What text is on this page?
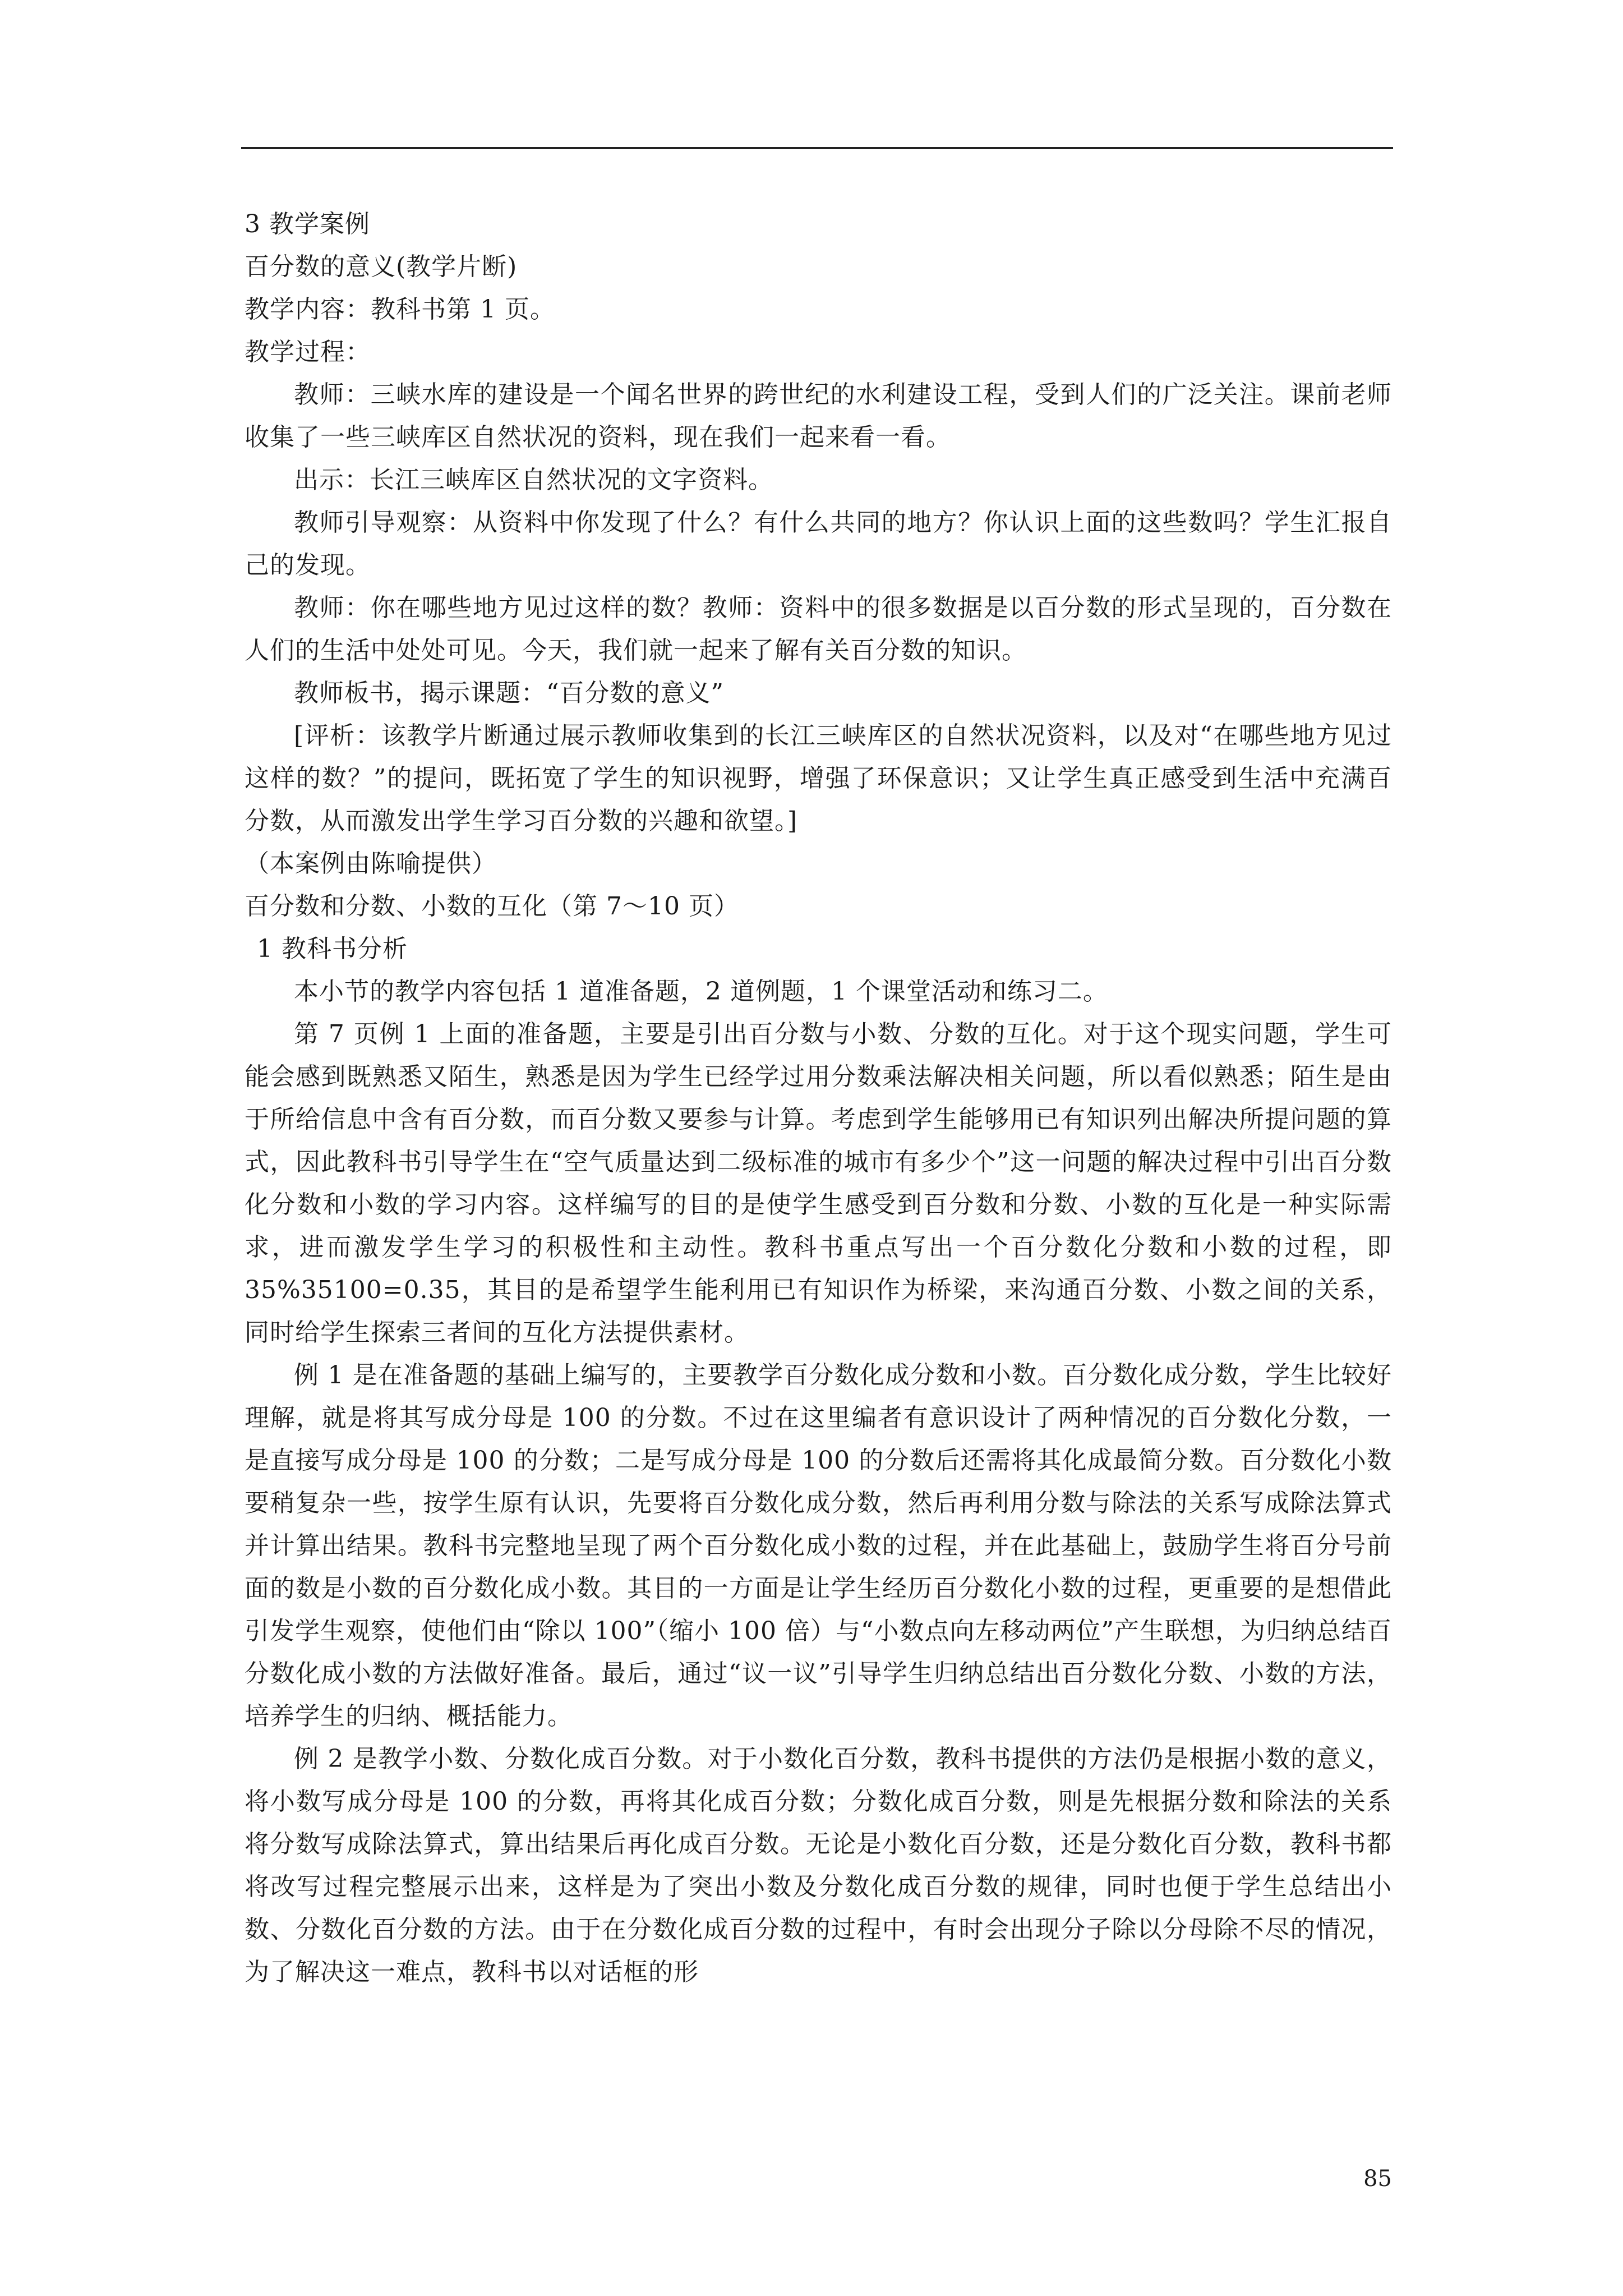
3 教学案例
百分数的意义(教学片断)
教学内容：教科书第 1 页。
教学过程：
教师：三峡水库的建设是一个闻名世界的跨世纪的水利建设工程，受到人们的广泛关注。课前老师收集了一些三峡库区自然状况的资料，现在我们一起来看一看。
出示：长江三峡库区自然状况的文字资料。
教师引导观察：从资料中你发现了什么？有什么共同的地方？你认识上面的这些数吗？学生汇报自己的发现。
教师：你在哪些地方见过这样的数？教师：资料中的很多数据是以百分数的形式呈现的，百分数在人们的生活中处处可见。今天，我们就一起来了解有关百分数的知识。
教师板书，揭示课题：“百分数的意义”
[评析：该教学片断通过展示教师收集到的长江三峡库区的自然状况资料，以及对“在哪些地方见过这样的数？”的提问，既拓宽了学生的知识视野，增强了环保意识；又让学生真正感受到生活中充满百分数，从而激发出学生学习百分数的兴趣和欲望。]
（本案例由陈喻提供）
百分数和分数、小数的互化（第 7～10 页）
1 教科书分析
本小节的教学内容包括 1 道准备题，2 道例题，1 个课堂活动和练习二。
第 7 页例 1 上面的准备题，主要是引出百分数与小数、分数的互化。对于这个现实问题，学生可能会感到既熟悉又陌生，熟悉是因为学生已经学过用分数乘法解决相关问题，所以看似熟悉；陌生是由于所给信息中含有百分数，而百分数又要参与计算。考虑到学生能够用已有知识列出解决所提问题的算式，因此教科书引导学生在“空气质量达到二级标准的城市有多少个”这一问题的解决过程中引出百分数化分数和小数的学习内容。这样编写的目的是使学生感受到百分数和分数、小数的互化是一种实际需求，进而激发学生学习的积极性和主动性。教科书重点写出一个百分数化分数和小数的过程，即 35%35100=0.35，其目的是希望学生能利用已有知识作为桥梁，来沟通百分数、小数之间的关系，同时给学生探索三者间的互化方法提供素材。
例 1 是在准备题的基础上编写的，主要教学百分数化成分数和小数。百分数化成分数，学生比较好理解，就是将其写成分母是 100 的分数。不过在这里编者有意识设计了两种情况的百分数化分数，一是直接写成分母是 100 的分数；二是写成分母是 100 的分数后还需将其化成最简分数。百分数化小数要稍复杂一些，按学生原有认识，先要将百分数化成分数，然后再利用分数与除法的关系写成除法算式并计算出结果。教科书完整地呈现了两个百分数化成小数的过程，并在此基础上，鼓励学生将百分号前面的数是小数的百分数化成小数。其目的一方面是让学生经历百分数化小数的过程，更重要的是想借此引发学生观察，使他们由“除以 100”（缩小 100 倍）与“小数点向左移动两位”产生联想，为归纳总结百分数化成小数的方法做好准备。最后，通过“议一议”引导学生归纳总结出百分数化分数、小数的方法，培养学生的归纳、概括能力。
例 2 是教学小数、分数化成百分数。对于小数化百分数，教科书提供的方法仍是根据小数的意义，将小数写成分母是 100 的分数，再将其化成百分数；分数化成百分数，则是先根据分数和除法的关系将分数写成除法算式，算出结果后再化成百分数。无论是小数化百分数，还是分数化百分数，教科书都将改写过程完整展示出来，这样是为了突出小数及分数化成百分数的规律，同时也便于学生总结出小数、分数化百分数的方法。由于在分数化成百分数的过程中，有时会出现分子除以分母除不尽的情况，为了解决这一难点，教科书以对话框的形
85
